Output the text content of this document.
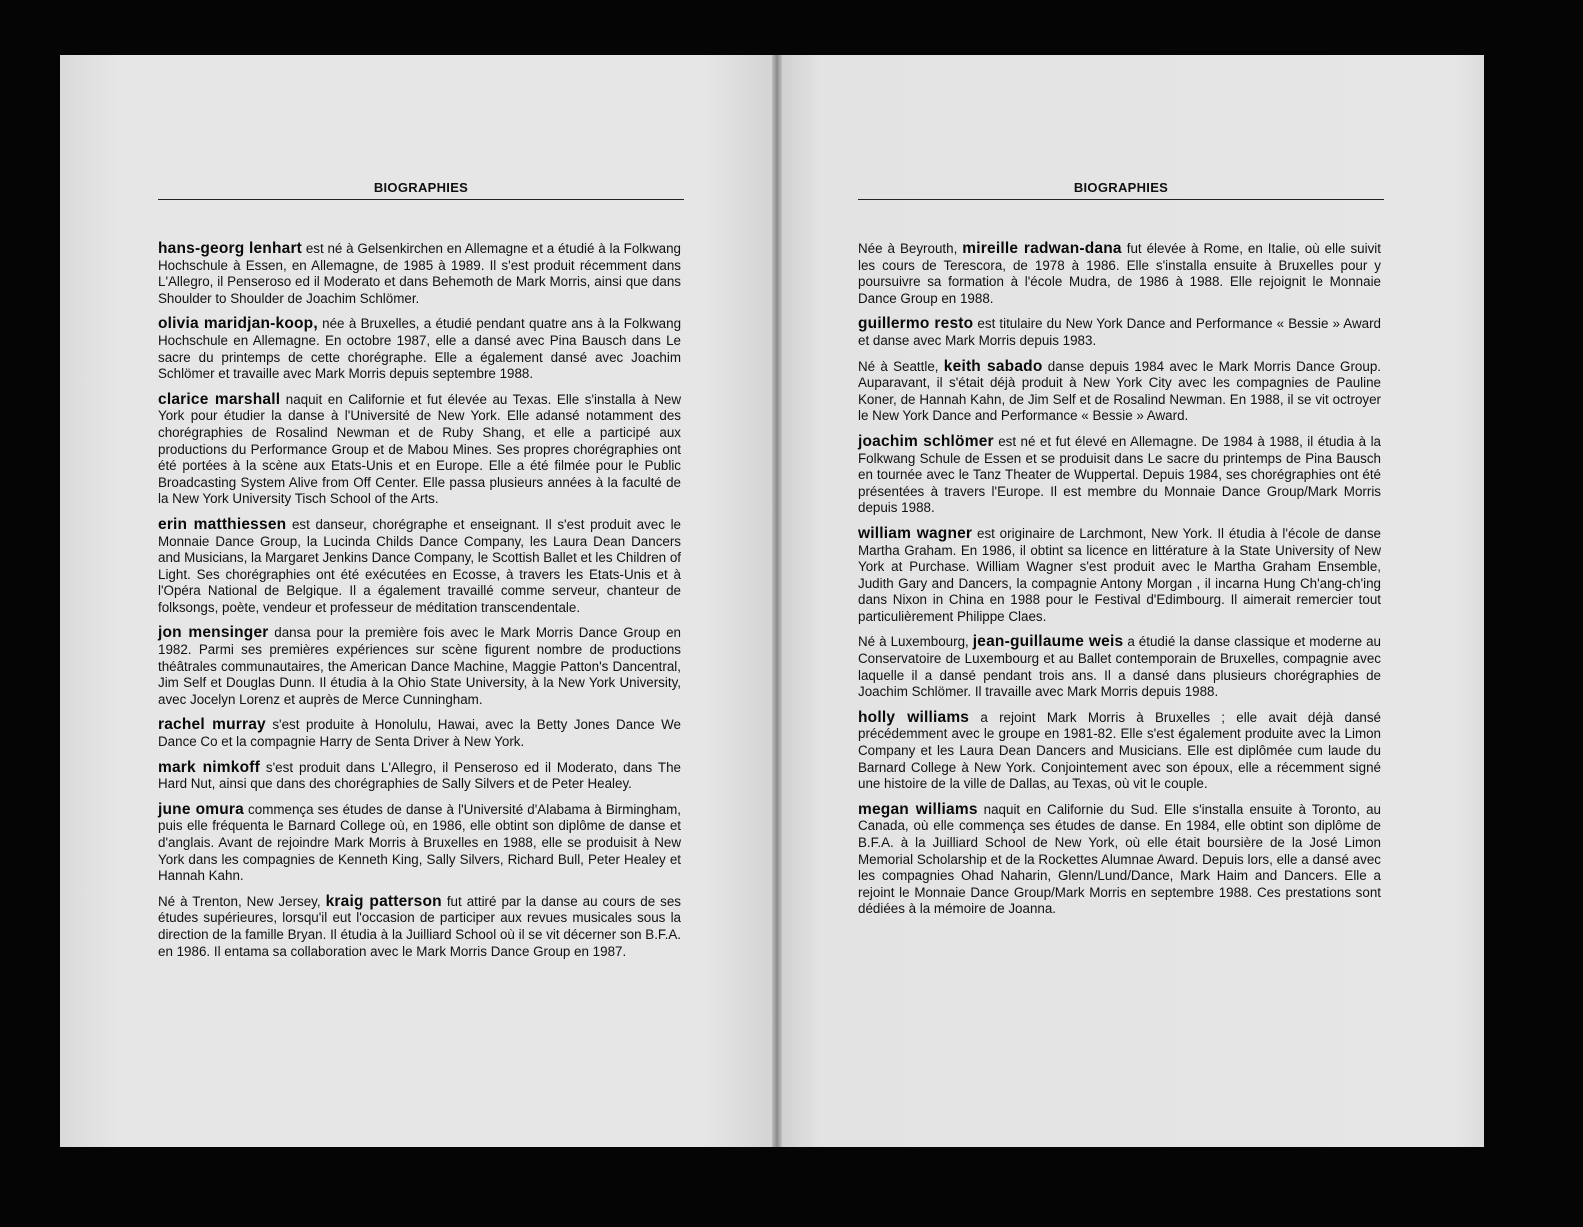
BIOGRAPHIES

hans-georg lenhart est né à Gelsenkirchen en Allemagne et a étudié à la Folkwang Hochschule à Essen, en Allemagne, de 1985 à 1989. Il s'est produit récemment dans L'Allegro, il Penseroso ed il Moderato et dans Behemoth de Mark Morris, ainsi que dans Shoulder to Shoulder de Joachim Schlömer.

olivia maridjan-koop, née à Bruxelles, a étudié pendant quatre ans à la Folkwang Hochschule en Allemagne. En octobre 1987, elle a dansé avec Pina Bausch dans Le sacre du printemps de cette chorégraphe. Elle a également dansé avec Joachim Schlömer et travaille avec Mark Morris depuis septembre 1988.

clarice marshall naquit en Californie et fut élevée au Texas. Elle s'installa à New York pour étudier la danse à l'Université de New York. Elle adansé notamment des chorégraphies de Rosalind Newman et de Ruby Shang, et elle a participé aux productions du Performance Group et de Mabou Mines. Ses propres chorégraphies ont été portées à la scène aux Etats-Unis et en Europe. Elle a été filmée pour le Public Broadcasting System Alive from Off Center. Elle passa plusieurs années à la faculté de la New York University Tisch School of the Arts.

erin matthiessen est danseur, chorégraphe et enseignant. Il s'est produit avec le Monnaie Dance Group, la Lucinda Childs Dance Company, les Laura Dean Dancers and Musicians, la Margaret Jenkins Dance Company, le Scottish Ballet et les Children of Light. Ses chorégraphies ont été exécutées en Ecosse, à travers les Etats-Unis et à l'Opéra National de Belgique. Il a également travaillé comme serveur, chanteur de folksongs, poète, vendeur et professeur de méditation transcendentale.

jon mensinger dansa pour la première fois avec le Mark Morris Dance Group en 1982. Parmi ses premières expériences sur scène figurent nombre de productions théâtrales communautaires, the American Dance Machine, Maggie Patton's Dancentral, Jim Self et Douglas Dunn. Il étudia à la Ohio State University, à la New York University, avec Jocelyn Lorenz et auprès de Merce Cunningham.

rachel murray s'est produite à Honolulu, Hawai, avec la Betty Jones Dance We Dance Co et la compagnie Harry de Senta Driver à New York.

mark nimkoff s'est produit dans L'Allegro, il Penseroso ed il Moderato, dans The Hard Nut, ainsi que dans des chorégraphies de Sally Silvers et de Peter Healey.

june omura commença ses études de danse à l'Université d'Alabama à Birmingham, puis elle fréquenta le Barnard College où, en 1986, elle obtint son diplôme de danse et d'anglais. Avant de rejoindre Mark Morris à Bruxelles en 1988, elle se produisit à New York dans les compagnies de Kenneth King, Sally Silvers, Richard Bull, Peter Healey et Hannah Kahn.

Né à Trenton, New Jersey, kraig patterson fut attiré par la danse au cours de ses études supérieures, lorsqu'il eut l'occasion de participer aux revues musicales sous la direction de la famille Bryan. Il étudia à la Juilliard School où il se vit décerner son B.F.A. en 1986. Il entama sa collaboration avec le Mark Morris Dance Group en 1987.

BIOGRAPHIES

Née à Beyrouth, mireille radwan-dana fut élevée à Rome, en Italie, où elle suivit les cours de Terescora, de 1978 à 1986. Elle s'installa ensuite à Bruxelles pour y poursuivre sa formation à l'école Mudra, de 1986 à 1988. Elle rejoignit le Monnaie Dance Group en 1988.

guillermo resto est titulaire du New York Dance and Performance « Bessie » Award et danse avec Mark Morris depuis 1983.

Né à Seattle, keith sabado danse depuis 1984 avec le Mark Morris Dance Group. Auparavant, il s'était déjà produit à New York City avec les compagnies de Pauline Koner, de Hannah Kahn, de Jim Self et de Rosalind Newman. En 1988, il se vit octroyer le New York Dance and Performance « Bessie » Award.

joachim schlömer est né et fut élevé en Allemagne. De 1984 à 1988, il étudia à la Folkwang Schule de Essen et se produisit dans Le sacre du printemps de Pina Bausch en tournée avec le Tanz Theater de Wuppertal. Depuis 1984, ses chorégraphies ont été présentées à travers l'Europe. Il est membre du Monnaie Dance Group/Mark Morris depuis 1988.

william wagner est originaire de Larchmont, New York. Il étudia à l'école de danse Martha Graham. En 1986, il obtint sa licence en littérature à la State University of New York at Purchase. William Wagner s'est produit avec le Martha Graham Ensemble, Judith Gary and Dancers, la compagnie Antony Morgan , il incarna Hung Ch'ang-ch'ing dans Nixon in China en 1988 pour le Festival d'Edimbourg. Il aimerait remercier tout particulièrement Philippe Claes.

Né à Luxembourg, jean-guillaume weis a étudié la danse classique et moderne au Conservatoire de Luxembourg et au Ballet contemporain de Bruxelles, compagnie avec laquelle il a dansé pendant trois ans. Il a dansé dans plusieurs chorégraphies de Joachim Schlömer. Il travaille avec Mark Morris depuis 1988.

holly williams a rejoint Mark Morris à Bruxelles ; elle avait déjà dansé précédemment avec le groupe en 1981-82. Elle s'est également produite avec la Limon Company et les Laura Dean Dancers and Musicians. Elle est diplômée cum laude du Barnard College à New York. Conjointement avec son époux, elle a récemment signé une histoire de la ville de Dallas, au Texas, où vit le couple.

megan williams naquit en Californie du Sud. Elle s'installa ensuite à Toronto, au Canada, où elle commença ses études de danse. En 1984, elle obtint son diplôme de B.F.A. à la Juilliard School de New York, où elle était boursière de la José Limon Memorial Scholarship et de la Rockettes Alumnae Award. Depuis lors, elle a dansé avec les compagnies Ohad Naharin, Glenn/Lund/Dance, Mark Haim and Dancers. Elle a rejoint le Monnaie Dance Group/Mark Morris en septembre 1988. Ces prestations sont dédiées à la mémoire de Joanna.
